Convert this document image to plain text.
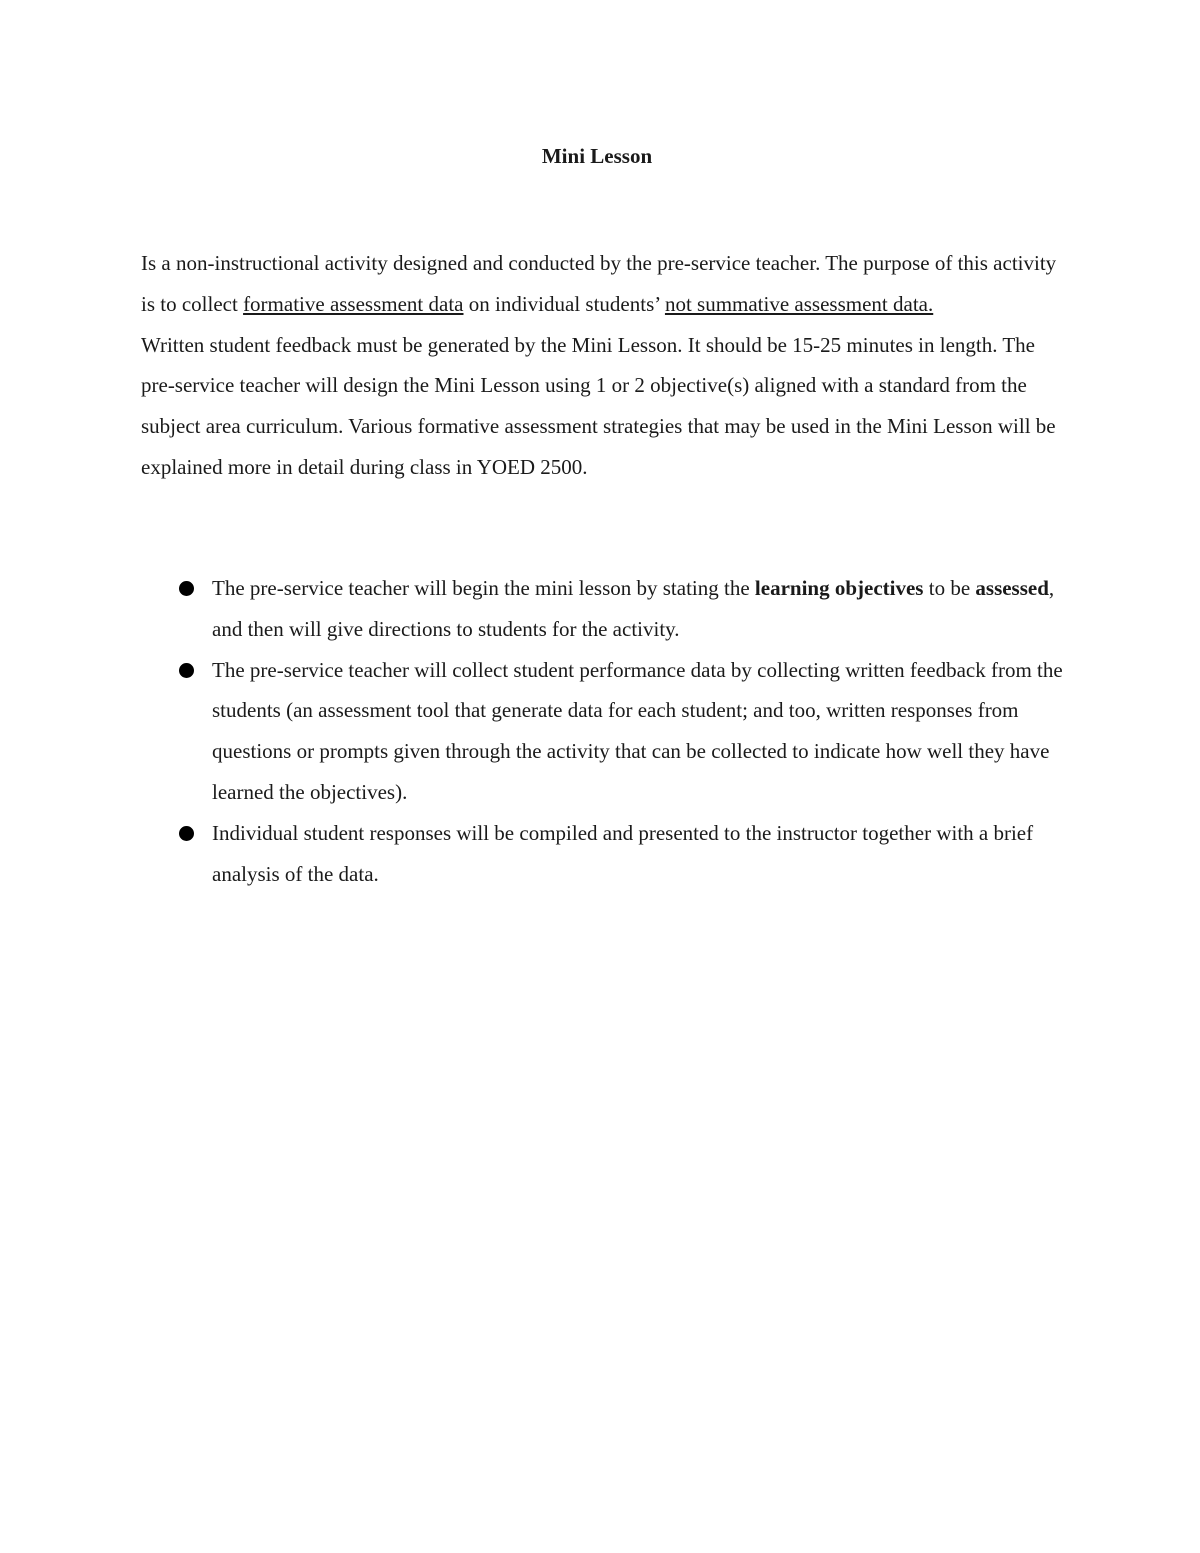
Mini Lesson

Is a non-instructional activity designed and conducted by the pre-service teacher. The purpose of this activity is to collect formative assessment data on individual students’ not summative assessment data.

Written student feedback must be generated by the Mini Lesson. It should be 15-25 minutes in length. The pre-service teacher will design the Mini Lesson using 1 or 2 objective(s) aligned with a standard from the subject area curriculum. Various formative assessment strategies that may be used in the Mini Lesson will be explained more in detail during class in YOED 2500.

The pre-service teacher will begin the mini lesson by stating the learning objectives to be assessed, and then will give directions to students for the activity.
The pre-service teacher will collect student performance data by collecting written feedback from the students (an assessment tool that generate data for each student; and too, written responses from questions or prompts given through the activity that can be collected to indicate how well they have learned the objectives).
Individual student responses will be compiled and presented to the instructor together with a brief analysis of the data.
